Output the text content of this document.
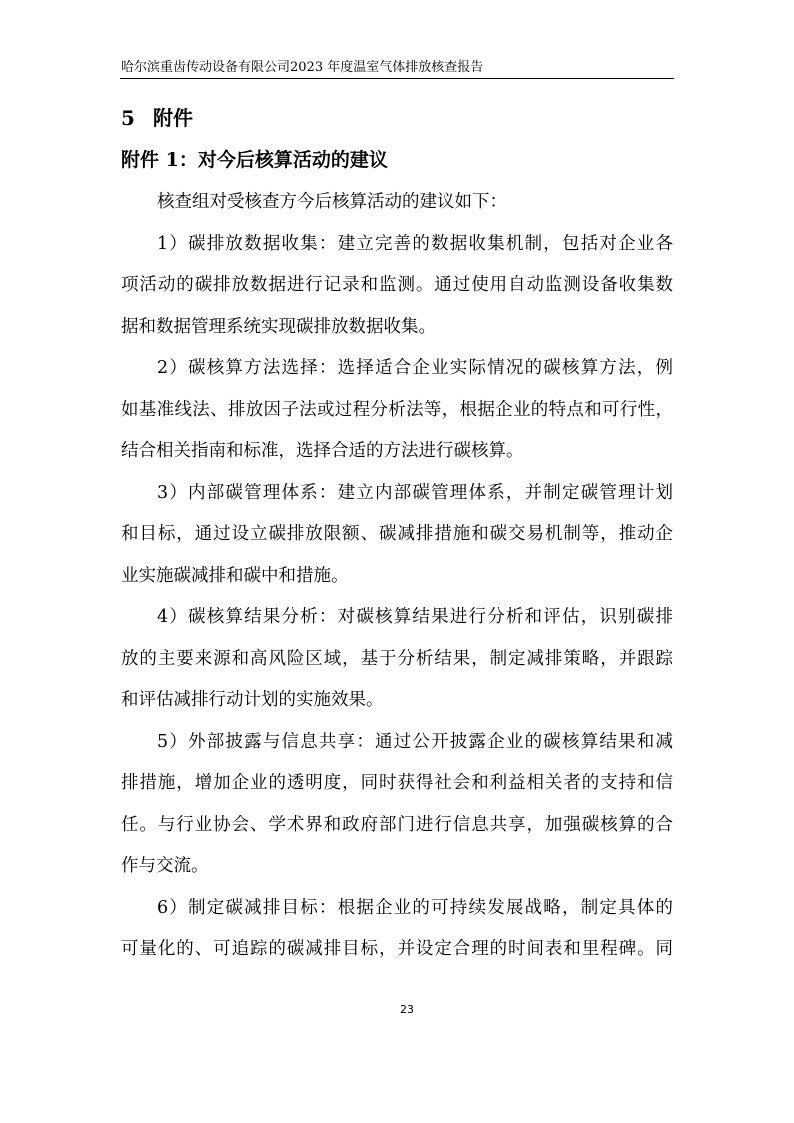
哈尔滨重齿传动设备有限公司2023 年度温室气体排放核查报告
5 附件
附件 1：对今后核算活动的建议
核查组对受核查方今后核算活动的建议如下：
1）碳排放数据收集：建立完善的数据收集机制，包括对企业各
项活动的碳排放数据进行记录和监测。通过使用自动监测设备收集数
据和数据管理系统实现碳排放数据收集。
2）碳核算方法选择：选择适合企业实际情况的碳核算方法，例
如基准线法、排放因子法或过程分析法等，根据企业的特点和可行性，
结合相关指南和标准，选择合适的方法进行碳核算。
3）内部碳管理体系：建立内部碳管理体系，并制定碳管理计划
和目标，通过设立碳排放限额、碳减排措施和碳交易机制等，推动企
业实施碳减排和碳中和措施。
4）碳核算结果分析：对碳核算结果进行分析和评估，识别碳排
放的主要来源和高风险区域，基于分析结果，制定减排策略，并跟踪
和评估减排行动计划的实施效果。
5）外部披露与信息共享：通过公开披露企业的碳核算结果和减
排措施，增加企业的透明度，同时获得社会和利益相关者的支持和信
任。与行业协会、学术界和政府部门进行信息共享，加强碳核算的合
作与交流。
6）制定碳减排目标：根据企业的可持续发展战略，制定具体的
可量化的、可追踪的碳减排目标，并设定合理的时间表和里程碑。同
23
